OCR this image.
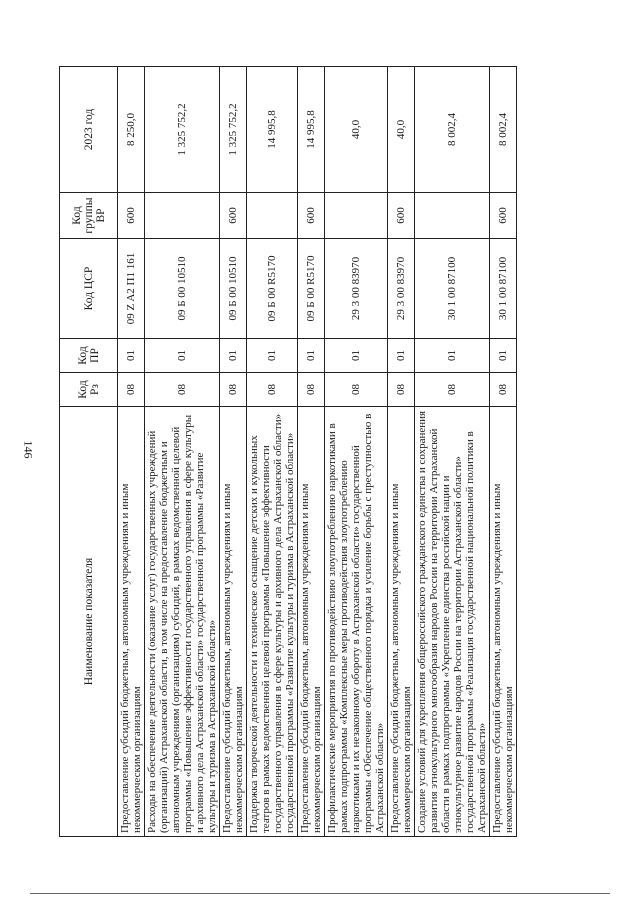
146
Наименование показателя	Код Рз	Код ПР	Код ЦСР	Код группы ВР	2023 год
Предоставление субсидий бюджетным, автономным учреждениям и иным некоммерческим организациям	08	01	09 Z A2 П1 161	600	8 250,0
Расходы на обеспечение деятельности (оказание услуг) государственных учреждений (организаций) Астраханской области, в том числе на предоставление бюджетным и автономным учреждениям (организациям) субсидий, в рамках ведомственной целевой программы «Повышение эффективности государственного управления в сфере культуры и архивного дела Астраханской области» государственной программы «Развитие культуры и туризма в Астраханской области»	08	01	09 Б 00 10510		1 325 752,2
Предоставление субсидий бюджетным, автономным учреждениям и иным некоммерческим организациям	08	01	09 Б 00 10510	600	1 325 752,2
Поддержка творческой деятельности и техническое оснащение детских и кукольных театров в рамках ведомственной целевой программы «Повышение эффективности государственного управления в сфере культуры и архивного дела Астраханской области» государственной программы «Развитие культуры и туризма в Астраханской области»	08	01	09 Б 00 R5170		14 995,8
Предоставление субсидий бюджетным, автономным учреждениям и иным некоммерческим организациям	08	01	09 Б 00 R5170	600	14 995,8
Профилактические мероприятия по противодействию злоупотреблению наркотиками в рамках подпрограммы «Комплексные меры противодействия злоупотреблению наркотиками и их незаконному обороту в Астраханской области» государственной программы «Обеспечение общественного порядка и усиление борьбы с преступностью в Астраханской области»	08	01	29 3 00 83970		40,0
Предоставление субсидий бюджетным, автономным учреждениям и иным некоммерческим организациям	08	01	29 3 00 83970	600	40,0
Создание условий для укрепления общероссийского гражданского единства и сохранения развития этнокультурного многообразия народов России на территории Астраханской области в рамках подпрограммы «Укрепление единства российской нации и этнокультурное развитие народов России на территории Астраханской области» государственной программы «Реализация государственной национальной политики в Астраханской области»	08	01	30 1 00 87100		8 002,4
Предоставление субсидий бюджетным, автономным учреждениям и иным некоммерческим организациям	08	01	30 1 00 87100	600	8 002,4
